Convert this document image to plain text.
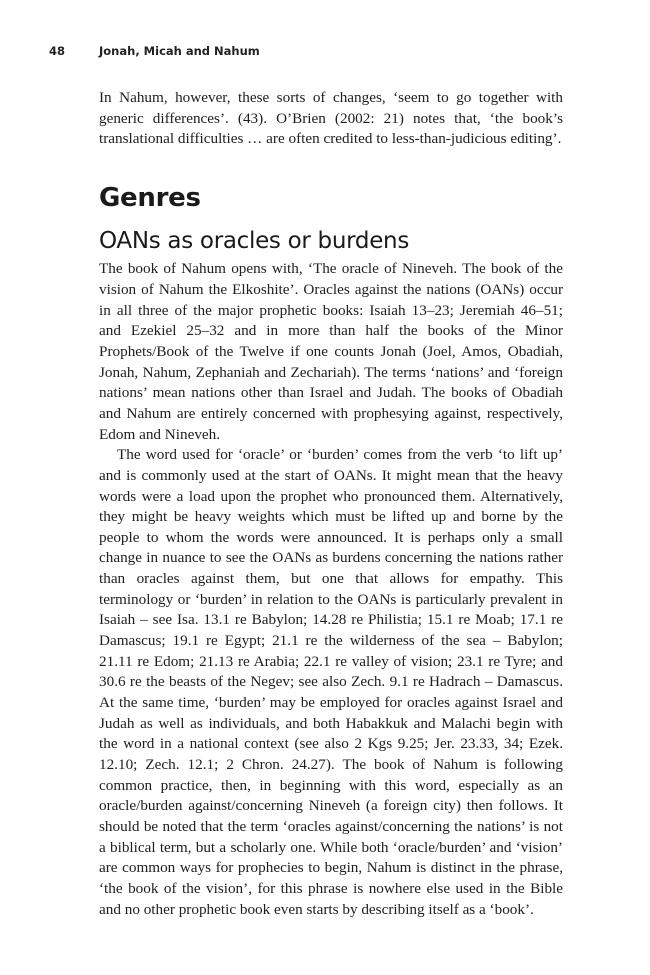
48	Jonah, Micah and Nahum

In Nahum, however, these sorts of changes, ‘seem to go together with generic differences’. (43). O’Brien (2002: 21) notes that, ‘the book’s translational difficulties … are often credited to less-than-judicious editing’.

Genres
OANs as oracles or burdens

The book of Nahum opens with, ‘The oracle of Nineveh. The book of the vision of Nahum the Elkoshite’. Oracles against the nations (OANs) occur in all three of the major prophetic books: Isaiah 13–23; Jeremiah 46–51; and Ezekiel 25–32 and in more than half the books of the Minor Prophets/Book of the Twelve if one counts Jonah (Joel, Amos, Obadiah, Jonah, Nahum, Zephaniah and Zechariah). The terms ‘nations’ and ‘foreign nations’ mean nations other than Israel and Judah. The books of Obadiah and Nahum are entirely concerned with prophesying against, respectively, Edom and Nineveh.

The word used for ‘oracle’ or ‘burden’ comes from the verb ‘to lift up’ and is commonly used at the start of OANs. It might mean that the heavy words were a load upon the prophet who pronounced them. Alternatively, they might be heavy weights which must be lifted up and borne by the people to whom the words were announced. It is perhaps only a small change in nuance to see the OANs as burdens concerning the nations rather than oracles against them, but one that allows for empathy. This terminology or ‘burden’ in relation to the OANs is particularly prevalent in Isaiah – see Isa. 13.1 re Babylon; 14.28 re Philistia; 15.1 re Moab; 17.1 re Damascus; 19.1 re Egypt; 21.1 re the wilderness of the sea – Babylon; 21.11 re Edom; 21.13 re Arabia; 22.1 re valley of vision; 23.1 re Tyre; and 30.6 re the beasts of the Negev; see also Zech. 9.1 re Hadrach – Damascus. At the same time, ‘burden’ may be employed for oracles against Israel and Judah as well as individuals, and both Habakkuk and Malachi begin with the word in a national context (see also 2 Kgs 9.25; Jer. 23.33, 34; Ezek. 12.10; Zech. 12.1; 2 Chron. 24.27). The book of Nahum is following common practice, then, in beginning with this word, especially as an oracle/burden against/concerning Nineveh (a foreign city) then follows. It should be noted that the term ‘oracles against/concerning the nations’ is not a biblical term, but a scholarly one. While both ‘oracle/burden’ and ‘vision’ are common ways for prophecies to begin, Nahum is distinct in the phrase, ‘the book of the vision’, for this phrase is nowhere else used in the Bible and no other prophetic book even starts by describing itself as a ‘book’.
